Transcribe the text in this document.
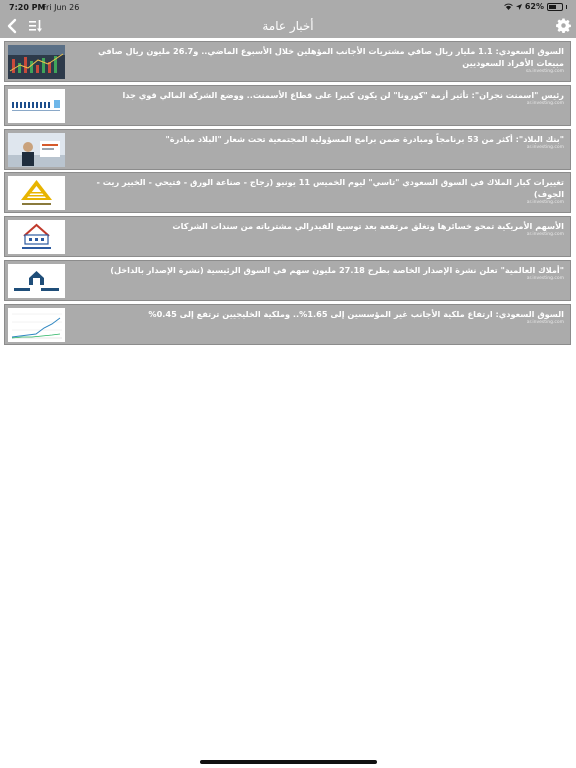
7:20 PM
Fri Jun 26	62%
أخبار عامة
السوق السعودي: 1.1 مليار ريال صافي مشتريات الأجانب المؤهلين خلال الأسبوع الماضي.. و26.7 مليون ريال صافي مبيعات الأفراد السعوديين
sa.investing.com
رئيس "اسمنت نجران": تأثير أزمة "كورونا" لن يكون كبيرا على قطاع الأسمنت.. ووضع الشركة المالي قوي جدا
ar.investing.com
"بنك البلاد": أكثر من 53 برنامجاً ومبادرة ضمن برامج المسؤولية المجتمعية تحت شعار "البلاد مبادرة"
ar.investing.com
تغييرات كبار الملاك في السوق السعودي "تاسي" ليوم الخميس 11 يونيو (زجاج - صناعة الورق - فتيحي - الخبير ريت - الجوف)
ar.investing.com
الأسهم الأمريكية تمحو خسائرها وتغلق مرتفعة بعد توسيع الفيدرالي مشترياته من سندات الشركات
ar.investing.com
"أملاك العالمية" تعلن نشرة الإصدار الخاصة بطرح 27.18 مليون سهم في السوق الرئيسية (نشرة الإصدار بالداخل)
ar.investing.com
السوق السعودي: ارتفاع ملكية الأجانب غير المؤسسين إلى 1.65%.. وملكية الخليجيين ترتفع إلى 0.45%
ar.investing.com
